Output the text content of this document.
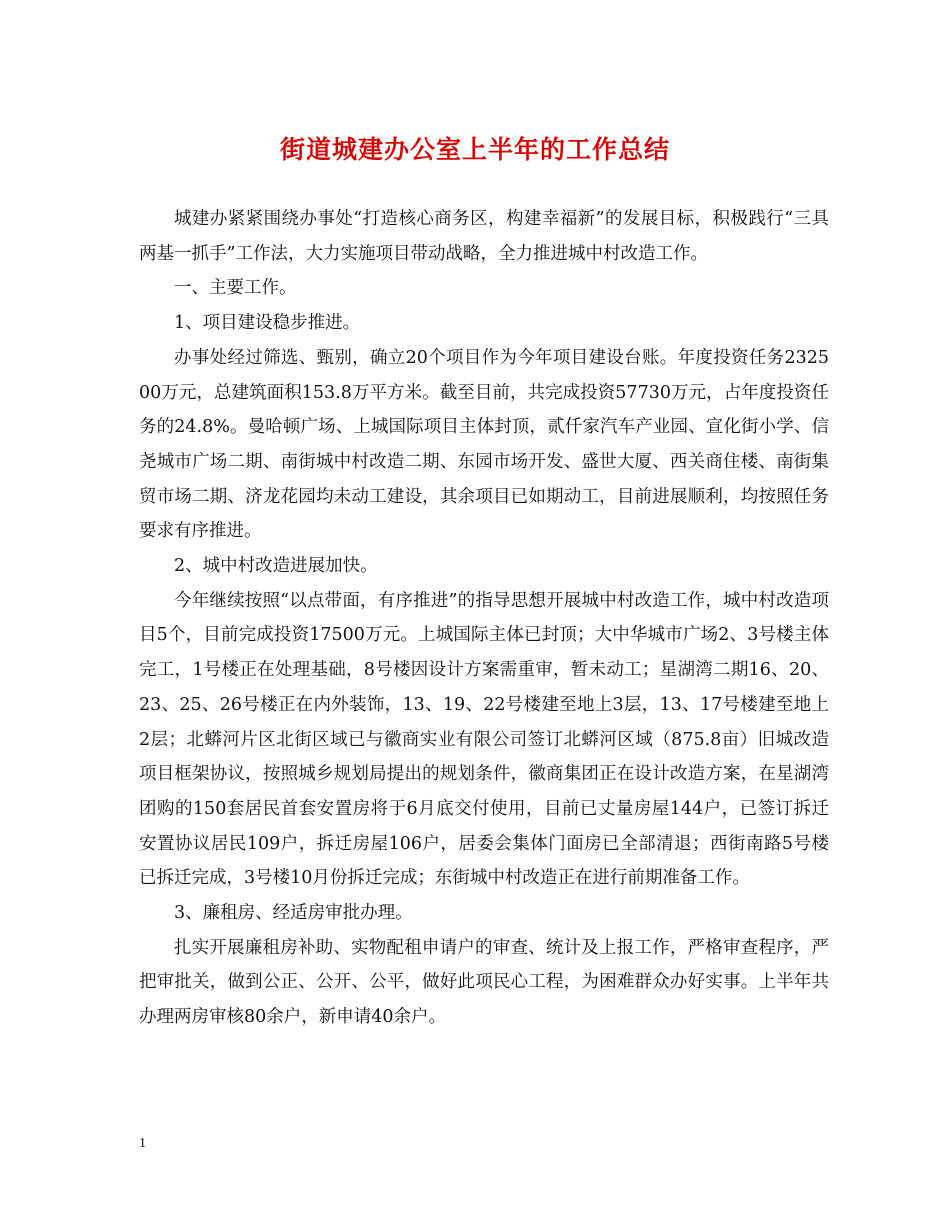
街道城建办公室上半年的工作总结

城建办紧紧围绕办事处“打造核心商务区，构建幸福新”的发展目标，积极践行“三具两基一抓手”工作法，大力实施项目带动战略，全力推进城中村改造工作。

一、主要工作。

1、项目建设稳步推进。

办事处经过筛选、甄别，确立20个项目作为今年项目建设台账。年度投资任务232500万元，总建筑面积153.8万平方米。截至目前，共完成投资57730万元，占年度投资任务的24.8%。曼哈顿广场、上城国际项目主体封顶，贰仟家汽车产业园、宣化街小学、信尧城市广场二期、南街城中村改造二期、东园市场开发、盛世大厦、西关商住楼、南街集贸市场二期、济龙花园均未动工建设，其余项目已如期动工，目前进展顺利，均按照任务要求有序推进。

2、城中村改造进展加快。

今年继续按照“以点带面，有序推进”的指导思想开展城中村改造工作，城中村改造项目5个，目前完成投资17500万元。上城国际主体已封顶；大中华城市广场2、3号楼主体完工，1号楼正在处理基础，8号楼因设计方案需重审，暂未动工；星湖湾二期16、20、23、25、26号楼正在内外装饰，13、19、22号楼建至地上3层，13、17号楼建至地上2层；北蟒河片区北街区域已与徽商实业有限公司签订北蟒河区域（875.8亩）旧城改造项目框架协议，按照城乡规划局提出的规划条件，徽商集团正在设计改造方案，在星湖湾团购的150套居民首套安置房将于6月底交付使用，目前已丈量房屋144户，已签订拆迁安置协议居民109户，拆迁房屋106户，居委会集体门面房已全部清退；西街南路5号楼已拆迁完成，3号楼10月份拆迁完成；东街城中村改造正在进行前期准备工作。

3、廉租房、经适房审批办理。

扎实开展廉租房补助、实物配租申请户的审查、统计及上报工作，严格审查程序，严把审批关，做到公正、公开、公平，做好此项民心工程，为困难群众办好实事。上半年共办理两房审核80余户，新申请40余户。

1
